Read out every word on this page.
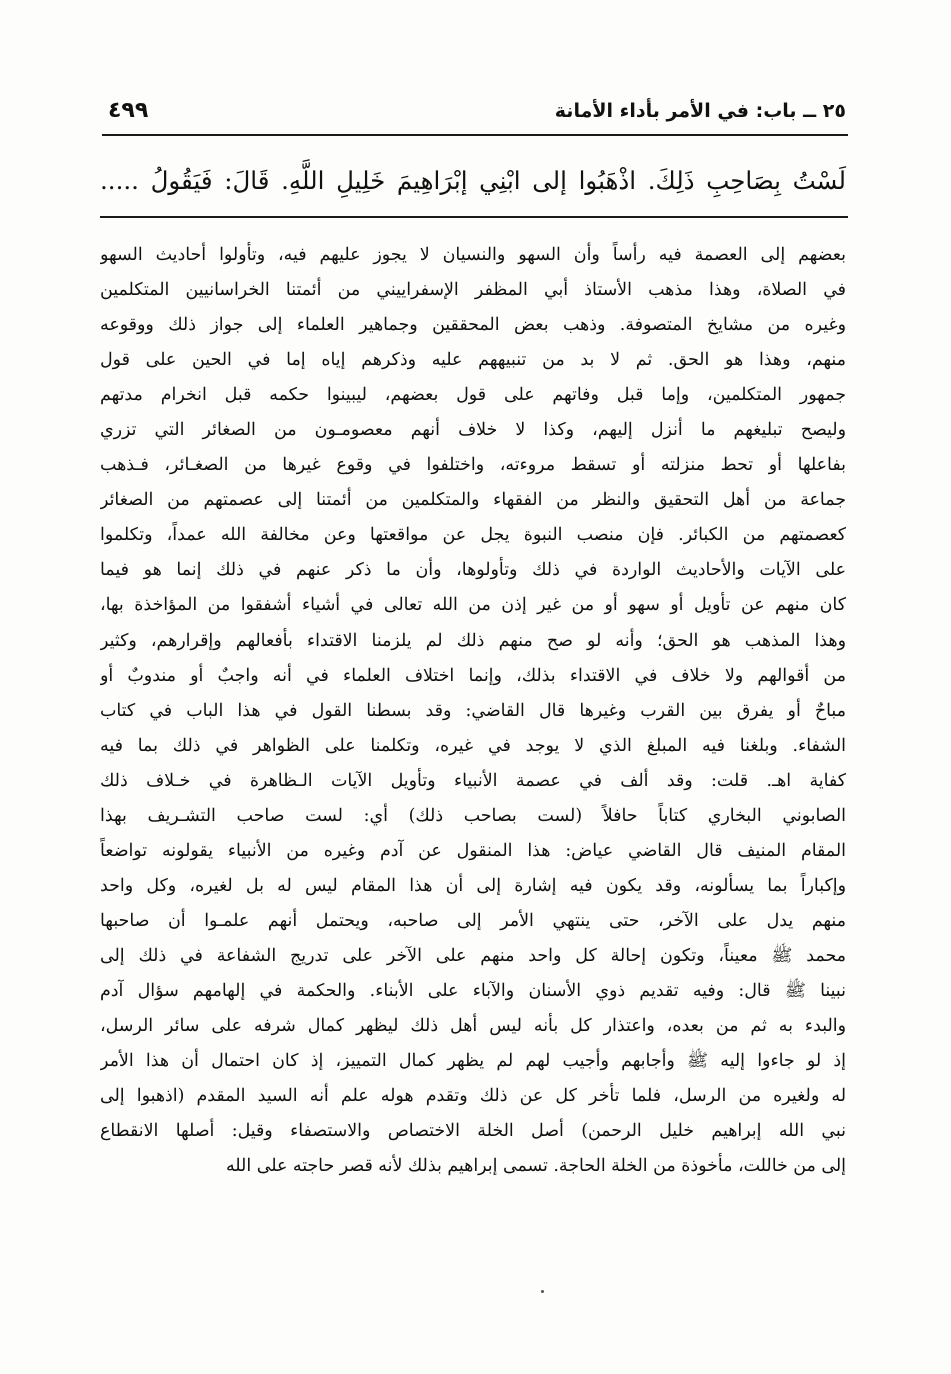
٢٥ ــ باب: في الأمر بأداء الأمانة
٤٩٩
لَسْتُ بِصَاحِبِ ذَلِكَ. اذْهَبُوا إلى ابْنِي إبْرَاهِيمَ خَلِيلِ اللَّهِ. قَالَ: فَيَقُولُ .....
بعضهم إلى العصمة فيه رأساً وأن السهو والنسيان لا يجوز عليهم فيه، وتأولوا أحاديث السهو
في الصلاة، وهذا مذهب الأستاذ أبي المظفر الإسفراييني من أئمتنا الخراسانيين المتكلمين
وغيره من مشايخ المتصوفة. وذهب بعض المحققين وجماهير العلماء إلى جواز ذلك ووقوعه
منهم، وهذا هو الحق. ثم لا بد من تنبيههم عليه وذكرهم إياه إما في الحين على قول
جمهور المتكلمين، وإما قبل وفاتهم على قول بعضهم، ليبينوا حكمه قبل انخرام مدتهم
وليصح تبليغهم ما أنزل إليهم، وكذا لا خلاف أنهم معصومـون من الصغائر التي تزري
بفاعلها أو تحط منزلته أو تسقط مروءته، واختلفوا في وقوع غيرها من الصغـائر، فـذهب
جماعة من أهل التحقيق والنظر من الفقهاء والمتكلمين من أئمتنا إلى عصمتهم من الصغائر
كعصمتهم من الكبائر. فإن منصب النبوة يجل عن مواقعتها وعن مخالفة الله عمداً، وتكلموا
على الآيات والأحاديث الواردة في ذلك وتأولوها، وأن ما ذكر عنهم في ذلك إنما هو فيما
كان منهم عن تأويل أو سهو أو من غير إذن من الله تعالى في أشياء أشفقوا من المؤاخذة بها،
وهذا المذهب هو الحق؛ وأنه لو صح منهم ذلك لم يلزمنا الاقتداء بأفعالهم وإقرارهم، وكثير
من أقوالهم ولا خلاف في الاقتداء بذلك، وإنما اختلاف العلماء في أنه واجبٌ أو مندوبٌ أو
مباحٌ أو يفرق بين القرب وغيرها قال القاضي: وقد بسطنا القول في هذا الباب في كتاب
الشفاء. وبلغنا فيه المبلغ الذي لا يوجد في غيره، وتكلمنا على الظواهر في ذلك بما فيه
كفاية اهـ. قلت: وقد ألف في عصمة الأنبياء وتأويل الآيات الـظاهرة في خـلاف ذلك
الصابوني البخاري كتاباً حافلاً (لست بصاحب ذلك) أي: لست صاحب التشـريف بهذا
المقام المنيف قال القاضي عياض: هذا المنقول عن آدم وغيره من الأنبياء يقولونه تواضعاً
وإكباراً بما يسألونه، وقد يكون فيه إشارة إلى أن هذا المقام ليس له بل لغيره، وكل واحد
منهم يدل على الآخر، حتى ينتهي الأمر إلى صاحبه، ويحتمل أنهم علمـوا أن صاحبها
محمد ﷺ معيناً، وتكون إحالة كل واحد منهم على الآخر على تدريج الشفاعة في ذلك إلى
نبينا ﷺ قال: وفيه تقديم ذوي الأسنان والآباء على الأبناء. والحكمة في إلهامهم سؤال آدم
والبدء به ثم من بعده، واعتذار كل بأنه ليس أهل ذلك ليظهر كمال شرفه على سائر الرسل،
إذ لو جاءوا إليه ﷺ وأجابهم وأجيب لهم لم يظهر كمال التمييز، إذ كان احتمال أن هذا الأمر
له ولغيره من الرسل، فلما تأخر كل عن ذلك وتقدم هوله علم أنه السيد المقدم (اذهبوا إلى
نبي الله إبراهيم خليل الرحمن) أصل الخلة الاختصاص والاستصفاء وقيل: أصلها الانقطاع
إلى من خاللت، مأخوذة من الخلة الحاجة. تسمى إبراهيم بذلك لأنه قصر حاجته على الله
